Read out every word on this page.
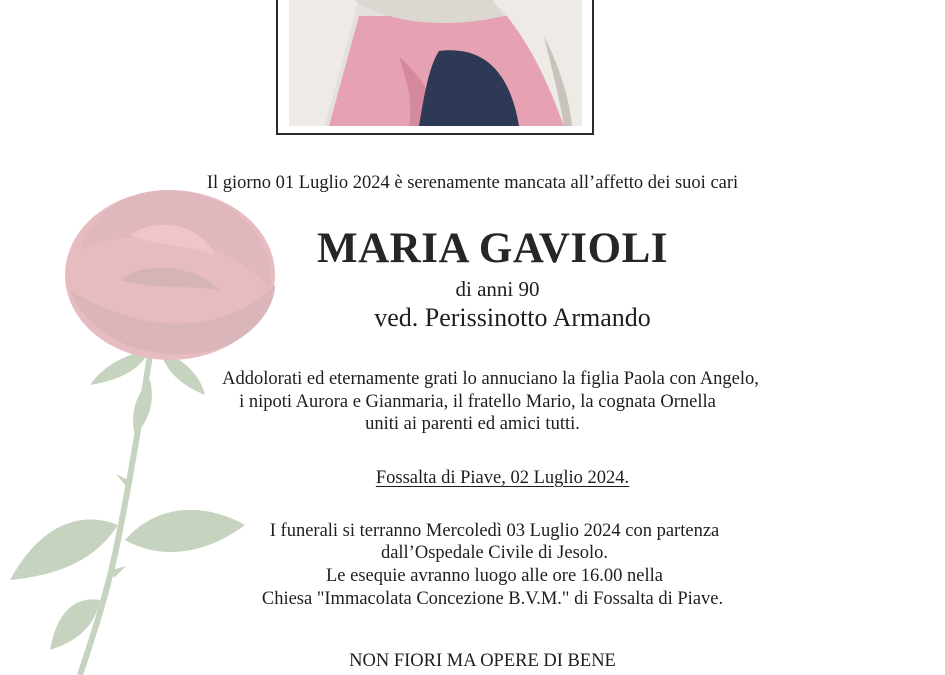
Il giorno 01 Luglio 2024 è serenamente mancata all’affetto dei suoi cari
MARIA GAVIOLI
di anni 90
ved. Perissinotto Armando
Addolorati ed eternamente grati lo annuciano la figlia Paola con Angelo,
i nipoti Aurora e Gianmaria, il fratello Mario, la cognata Ornella
uniti ai parenti ed amici tutti.
Fossalta di Piave, 02 Luglio 2024.
I funerali si terranno Mercoledì 03 Luglio 2024 con partenza
dall’Ospedale Civile di Jesolo.
Le esequie avranno luogo alle ore 16.00 nella
Chiesa "Immacolata Concezione B.V.M." di Fossalta di Piave.
NON FIORI MA OPERE DI BENE
